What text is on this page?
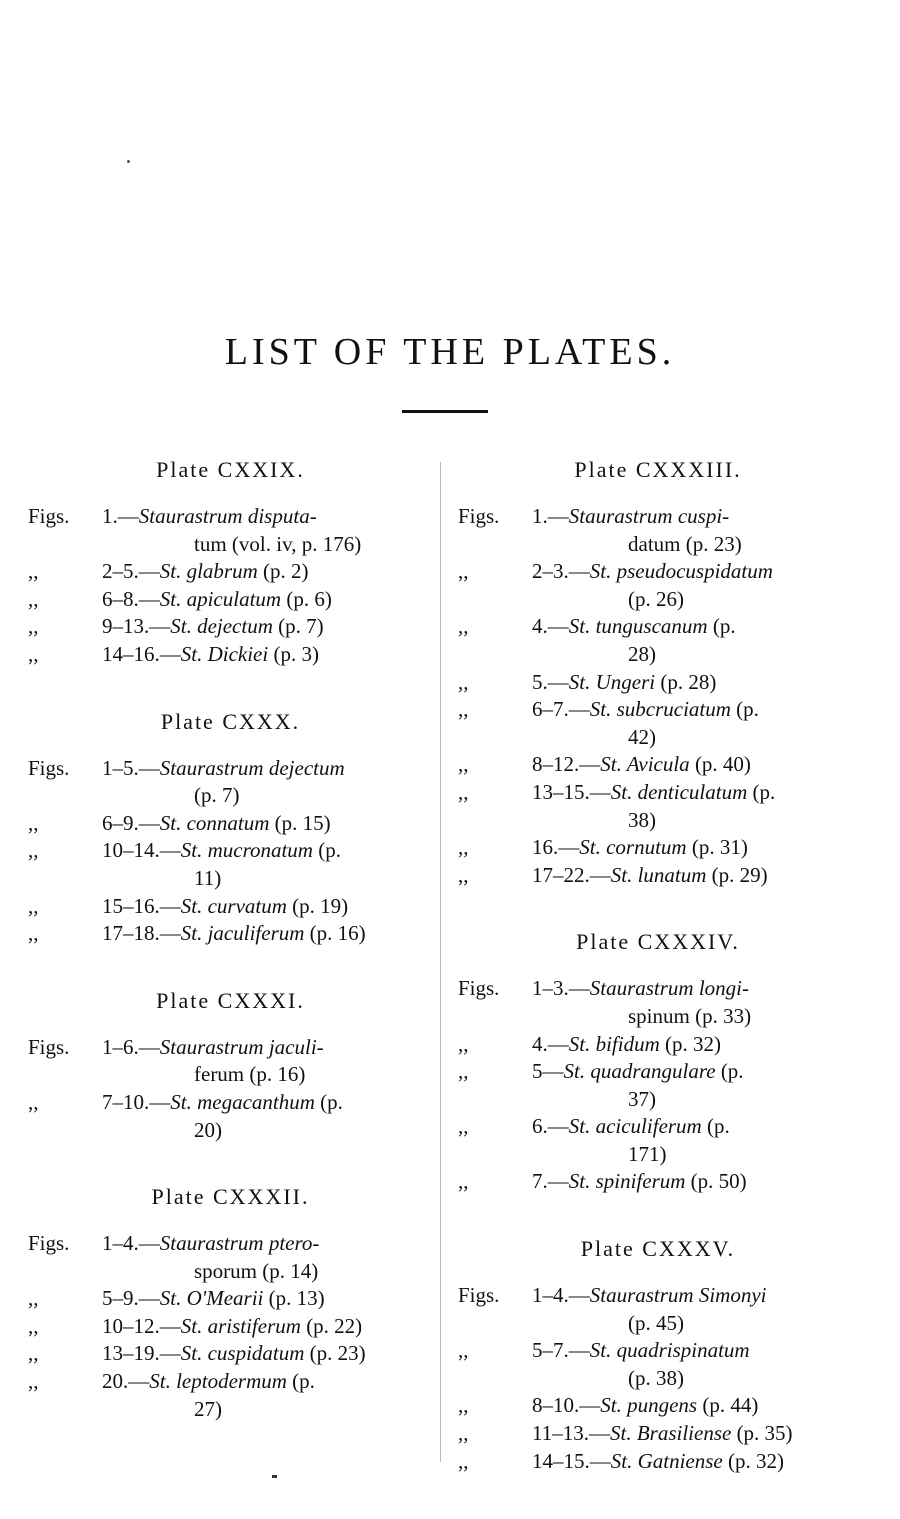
LIST OF THE PLATES.
Plate CXXIX.
Figs.	1.—Staurastrum disputa-
tum (vol. iv, p. 176)
,,	2–5.—St. glabrum (p. 2)
,,	6–8.—St. apiculatum (p. 6)
,,	9–13.—St. dejectum (p. 7)
,,	14–16.—St. Dickiei (p. 3)
Plate CXXX.
Figs.	1–5.—Staurastrum dejectum
(p. 7)
,,	6–9.—St. connatum (p. 15)
,,	10–14.—St. mucronatum (p.
11)
,,	15–16.—St. curvatum (p. 19)
,,	17–18.—St. jaculiferum (p. 16)
Plate CXXXI.
Figs.	1–6.—Staurastrum jaculi-
ferum (p. 16)
,,	7–10.—St. megacanthum (p.
20)
Plate CXXXII.
Figs.	1–4.—Staurastrum ptero-
sporum (p. 14)
,,	5–9.—St. O'Mearii (p. 13)
,,	10–12.—St. aristiferum (p. 22)
,,	13–19.—St. cuspidatum (p. 23)
,,	20.—St. leptodermum (p.
27)
Plate CXXXIII.
Figs.	1.—Staurastrum cuspi-
datum (p. 23)
,,	2–3.—St. pseudocuspidatum
(p. 26)
,,	4.—St. tunguscanum (p.
28)
,,	5.—St. Ungeri (p. 28)
,,	6–7.—St. subcruciatum (p.
42)
,,	8–12.—St. Avicula (p. 40)
,,	13–15.—St. denticulatum (p.
38)
,,	16.—St. cornutum (p. 31)
,,	17–22.—St. lunatum (p. 29)
Plate CXXXIV.
Figs.	1–3.—Staurastrum longi-
spinum (p. 33)
,,	4.—St. bifidum (p. 32)
,,	5—St. quadrangulare (p.
37)
,,	6.—St. aciculiferum (p.
171)
,,	7.—St. spiniferum (p. 50)
Plate CXXXV.
Figs.	1–4.—Staurastrum Simonyi
(p. 45)
,,	5–7.—St. quadrispinatum
(p. 38)
,,	8–10.—St. pungens (p. 44)
,,	11–13.—St. Brasiliense (p. 35)
,,	14–15.—St. Gatniense (p. 32)
